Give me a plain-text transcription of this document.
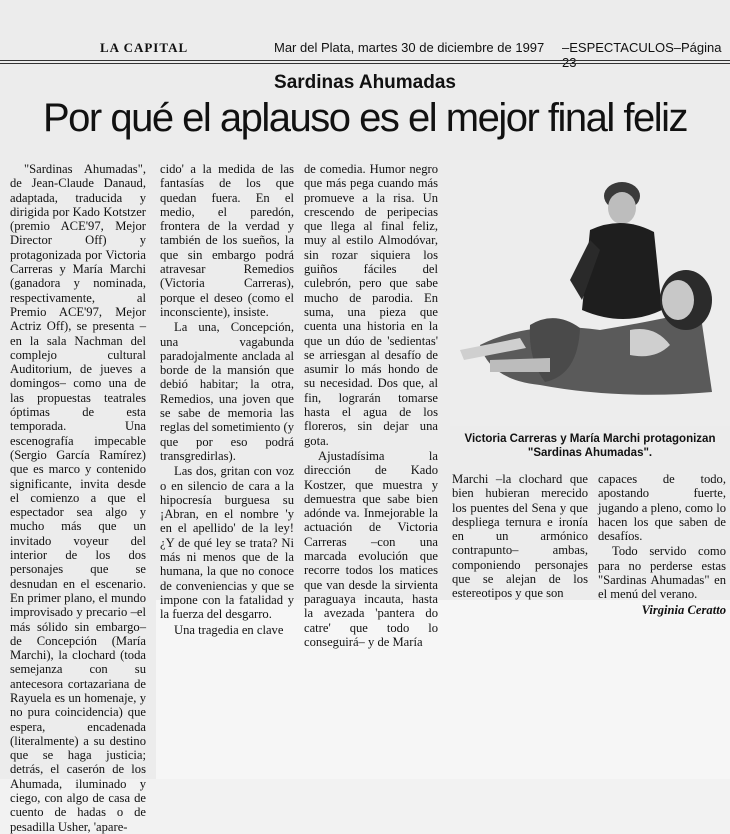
LA CAPITAL	Mar del Plata, martes 30 de diciembre de 1997 –ESPECTACULOS–Página 23
Sardinas Ahumadas
Por qué el aplauso es el mejor final feliz

"Sardinas Ahumadas", de Jean-Claude Danaud, adaptada, traducida y dirigida por Kado Kotstzer (premio ACE'97, Mejor Director Off) y protagonizada por Victoria Carreras y María Marchi (ganadora y nominada, respectivamente, al Premio ACE'97, Mejor Actriz Off), se presenta –en la sala Nachman del complejo cultural Auditorium, de jueves a domingos– como una de las propuestas teatrales óptimas de esta temporada. Una escenografía impecable (Sergio García Ramírez) que es marco y contenido significante, invita desde el comienzo a que el espectador sea algo y mucho más que un invitado voyeur del interior de los dos personajes que se desnudan en el escenario. En primer plano, el mundo improvisado y precario –el más sólido sin embargo– de Concepción (María Marchi), la clochard (toda semejanza con su antecesora cortazariana de Rayuela es un homenaje, y no pura coincidencia) que espera, encadenada (literalmente) a su destino que se haga justicia; detrás, el caserón de los Ahumada, iluminado y ciego, con algo de casa de cuento de hadas o de pesadilla Usher, 'apare-

cido' a la medida de las fantasías de los que quedan fuera. En el medio, el paredón, frontera de la verdad y también de los sueños, la que sin embargo podrá atravesar Remedios (Victoria Carreras), porque el deseo (como el inconsciente), insiste.

La una, Concepción, una vagabunda paradojalmente anclada al borde de la mansión que debió habitar; la otra, Remedios, una joven que se sabe de memoria las reglas del sometimiento (y que por eso podrá transgredirlas).

Las dos, gritan con voz o en silencio de cara a la hipocresía burguesa su ¡Abran, en el nombre 'y en el apellido' de la ley! ¿Y de qué ley se trata? Ni más ni menos que de la humana, la que no conoce de conveniencias y que se impone con la fatalidad y la fuerza del desgarro.

Una tragedia en clave

de comedia. Humor negro que más pega cuando más promueve a la risa. Un crescendo de peripecias que llega al final feliz, muy al estilo Almodóvar, sin rozar siquiera los guiños fáciles del culebrón, pero que sabe mucho de parodia. En suma, una pieza que cuenta una historia en la que un dúo de 'sedientas' se arriesgan al desafío de asumir lo más hondo de su necesidad. Dos que, al fin, lograrán tomarse hasta el agua de los floreros, sin dejar una gota.

Ajustadísima la dirección de Kado Kostzer, que muestra y demuestra que sabe bien adónde va. Inmejorable la actuación de Victoria Carreras –con una marcada evolución que recorre todos los matices que van desde la sirvienta paraguaya incauta, hasta la avezada 'pantera do catre' que todo lo conseguirá– y de María

Victoria Carreras y María Marchi protagonizan
"Sardinas Ahumadas".

Marchi –la clochard que bien hubieran merecido los puentes del Sena y que despliega ternura e ironía en un armónico contrapunto– ambas, componiendo personajes que se alejan de los estereotipos y que son

capaces de todo, apostando fuerte, jugando a pleno, como lo hacen los que saben de desafíos.

Todo servido como para no perderse estas "Sardinas Ahumadas" en el menú del verano.

Virginia Ceratto
